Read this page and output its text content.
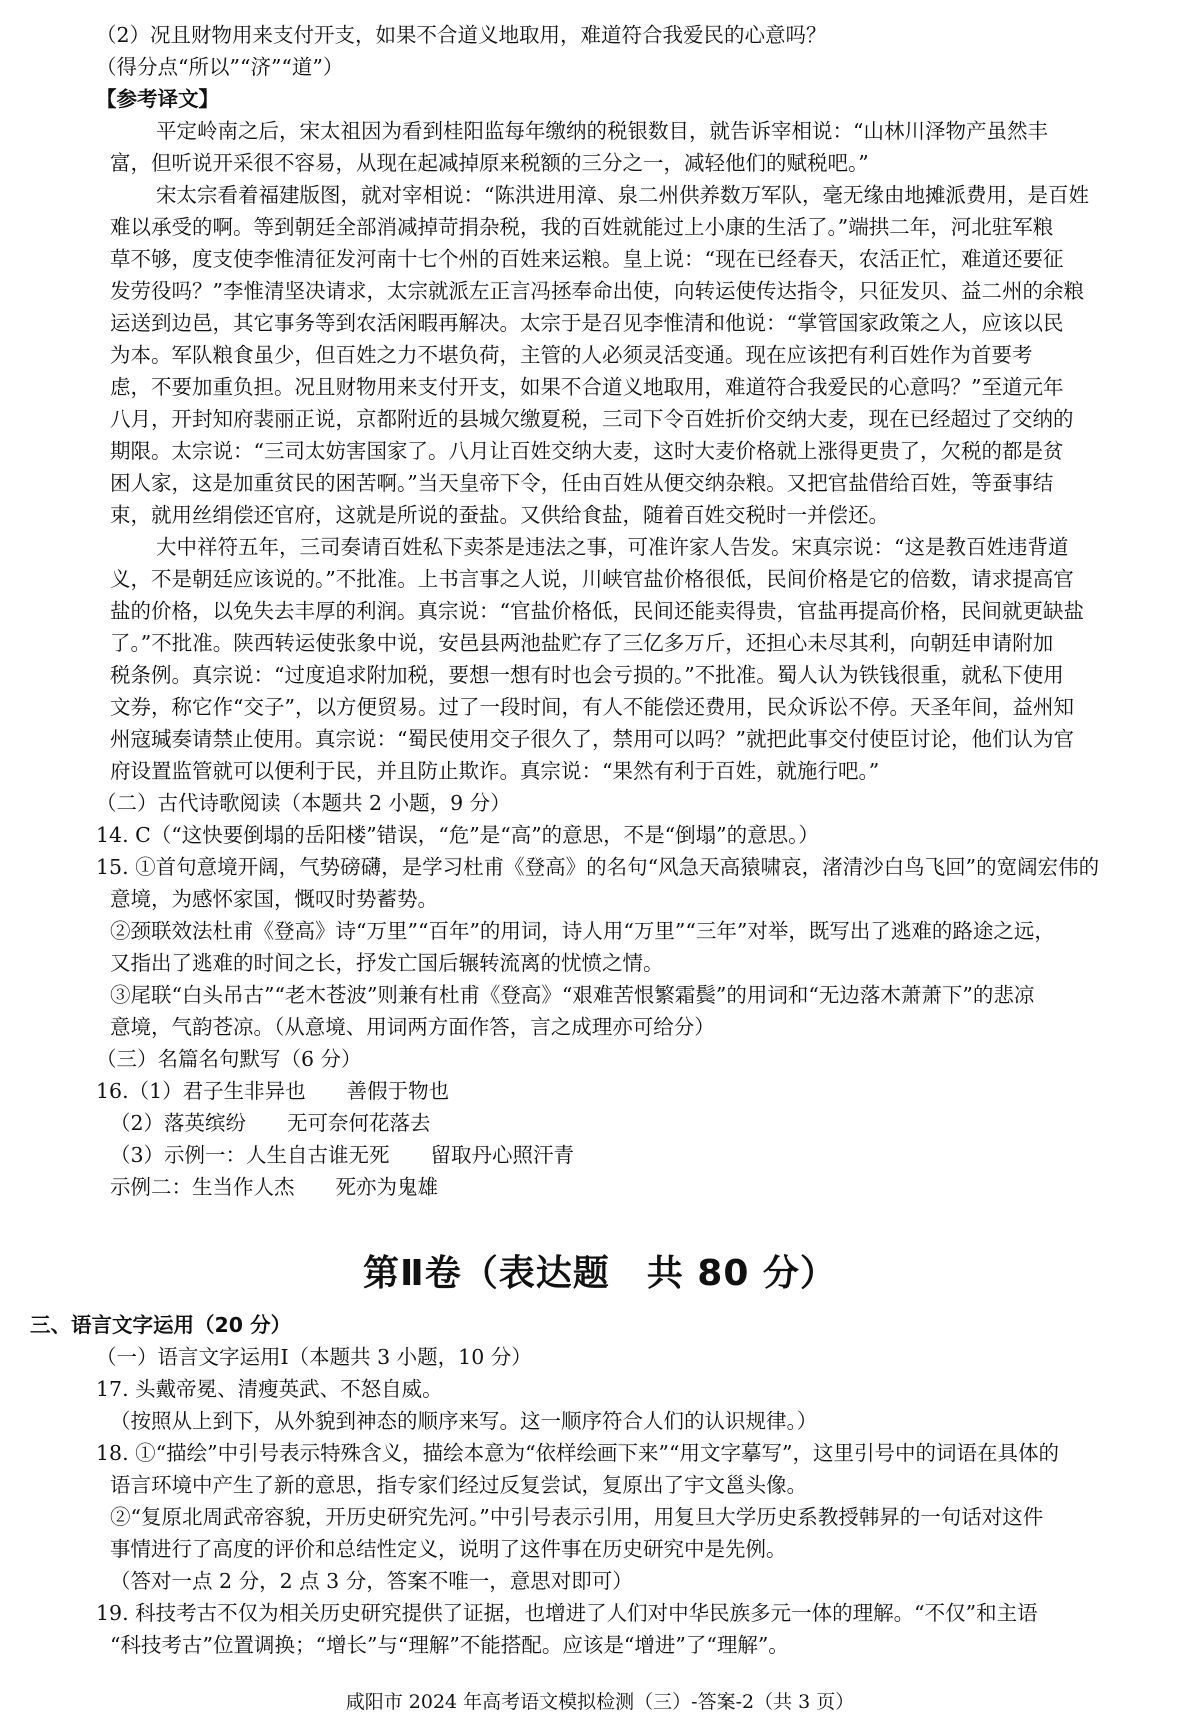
（2）况且财物用来支付开支，如果不合道义地取用，难道符合我爱民的心意吗？

（得分点“所以”“济”“道”）

【参考译文】

平定岭南之后，宋太祖因为看到桂阳监每年缴纳的税银数目，就告诉宰相说：“山林川泽物产虽然丰

富，但听说开采很不容易，从现在起减掉原来税额的三分之一，减轻他们的赋税吧。”

宋太宗看着福建版图，就对宰相说：“陈洪进用漳、泉二州供养数万军队，毫无缘由地摊派费用，是百姓

难以承受的啊。等到朝廷全部消减掉苛捐杂税，我的百姓就能过上小康的生活了。”端拱二年，河北驻军粮

草不够，度支使李惟清征发河南十七个州的百姓来运粮。皇上说：“现在已经春天，农活正忙，难道还要征

发劳役吗？”李惟清坚决请求，太宗就派左正言冯拯奉命出使，向转运使传达指令，只征发贝、益二州的余粮

运送到边邑，其它事务等到农活闲暇再解决。太宗于是召见李惟清和他说：“掌管国家政策之人，应该以民

为本。军队粮食虽少，但百姓之力不堪负荷，主管的人必须灵活变通。现在应该把有利百姓作为首要考

虑，不要加重负担。况且财物用来支付开支，如果不合道义地取用，难道符合我爱民的心意吗？”至道元年

八月，开封知府裴丽正说，京都附近的县城欠缴夏税，三司下令百姓折价交纳大麦，现在已经超过了交纳的

期限。太宗说：“三司太妨害国家了。八月让百姓交纳大麦，这时大麦价格就上涨得更贵了，欠税的都是贫

困人家，这是加重贫民的困苦啊。”当天皇帝下令，任由百姓从便交纳杂粮。又把官盐借给百姓，等蚕事结

束，就用丝绢偿还官府，这就是所说的蚕盐。又供给食盐，随着百姓交税时一并偿还。

大中祥符五年，三司奏请百姓私下卖茶是违法之事，可准许家人告发。宋真宗说：“这是教百姓违背道

义，不是朝廷应该说的。”不批准。上书言事之人说，川峡官盐价格很低，民间价格是它的倍数，请求提高官

盐的价格，以免失去丰厚的利润。真宗说：“官盐价格低，民间还能卖得贵，官盐再提高价格，民间就更缺盐

了。”不批准。陕西转运使张象中说，安邑县两池盐贮存了三亿多万斤，还担心未尽其利，向朝廷申请附加

税条例。真宗说：“过度追求附加税，要想一想有时也会亏损的。”不批准。蜀人认为铁钱很重，就私下使用

文券，称它作“交子”，以方便贸易。过了一段时间，有人不能偿还费用，民众诉讼不停。天圣年间，益州知

州寇瑊奏请禁止使用。真宗说：“蜀民使用交子很久了，禁用可以吗？”就把此事交付使臣讨论，他们认为官

府设置监管就可以便利于民，并且防止欺诈。真宗说：“果然有利于百姓，就施行吧。”

（二）古代诗歌阅读（本题共 2 小题，9 分）

14. C（“这快要倒塌的岳阳楼”错误，“危”是“高”的意思，不是“倒塌”的意思。）

15. ①首句意境开阔，气势磅礴，是学习杜甫《登高》的名句“风急天高猿啸哀，渚清沙白鸟飞回”的宽阔宏伟的

意境，为感怀家国，慨叹时势蓄势。

②颈联效法杜甫《登高》诗“万里”“百年”的用词，诗人用“万里”“三年”对举，既写出了逃难的路途之远，

又指出了逃难的时间之长，抒发亡国后辗转流离的忧愤之情。

③尾联“白头吊古”“老木苍波”则兼有杜甫《登高》“艰难苦恨繁霜鬓”的用词和“无边落木萧萧下”的悲凉

意境，气韵苍凉。（从意境、用词两方面作答，言之成理亦可给分）

（三）名篇名句默写（6 分）

16.（1）君子生非异也　　善假于物也

（2）落英缤纷　　无可奈何花落去

（3）示例一：人生自古谁无死　　留取丹心照汗青

示例二：生当作人杰　　死亦为鬼雄

第Ⅱ卷（表达题　共 80 分）

三、语言文字运用（20 分）

（一）语言文字运用Ⅰ（本题共 3 小题，10 分）

17. 头戴帝冕、清瘦英武、不怒自威。

（按照从上到下，从外貌到神态的顺序来写。这一顺序符合人们的认识规律。）

18. ①“描绘”中引号表示特殊含义，描绘本意为“依样绘画下来”“用文字摹写”，这里引号中的词语在具体的

语言环境中产生了新的意思，指专家们经过反复尝试，复原出了宇文邕头像。

②“复原北周武帝容貌，开历史研究先河。”中引号表示引用，用复旦大学历史系教授韩昇的一句话对这件

事情进行了高度的评价和总结性定义，说明了这件事在历史研究中是先例。

（答对一点 2 分，2 点 3 分，答案不唯一，意思对即可）

19. 科技考古不仅为相关历史研究提供了证据，也增进了人们对中华民族多元一体的理解。“不仅”和主语

“科技考古”位置调换；“增长”与“理解”不能搭配。应该是“增进”了“理解”。

咸阳市 2024 年高考语文模拟检测（三）-答案-2（共 3 页）
